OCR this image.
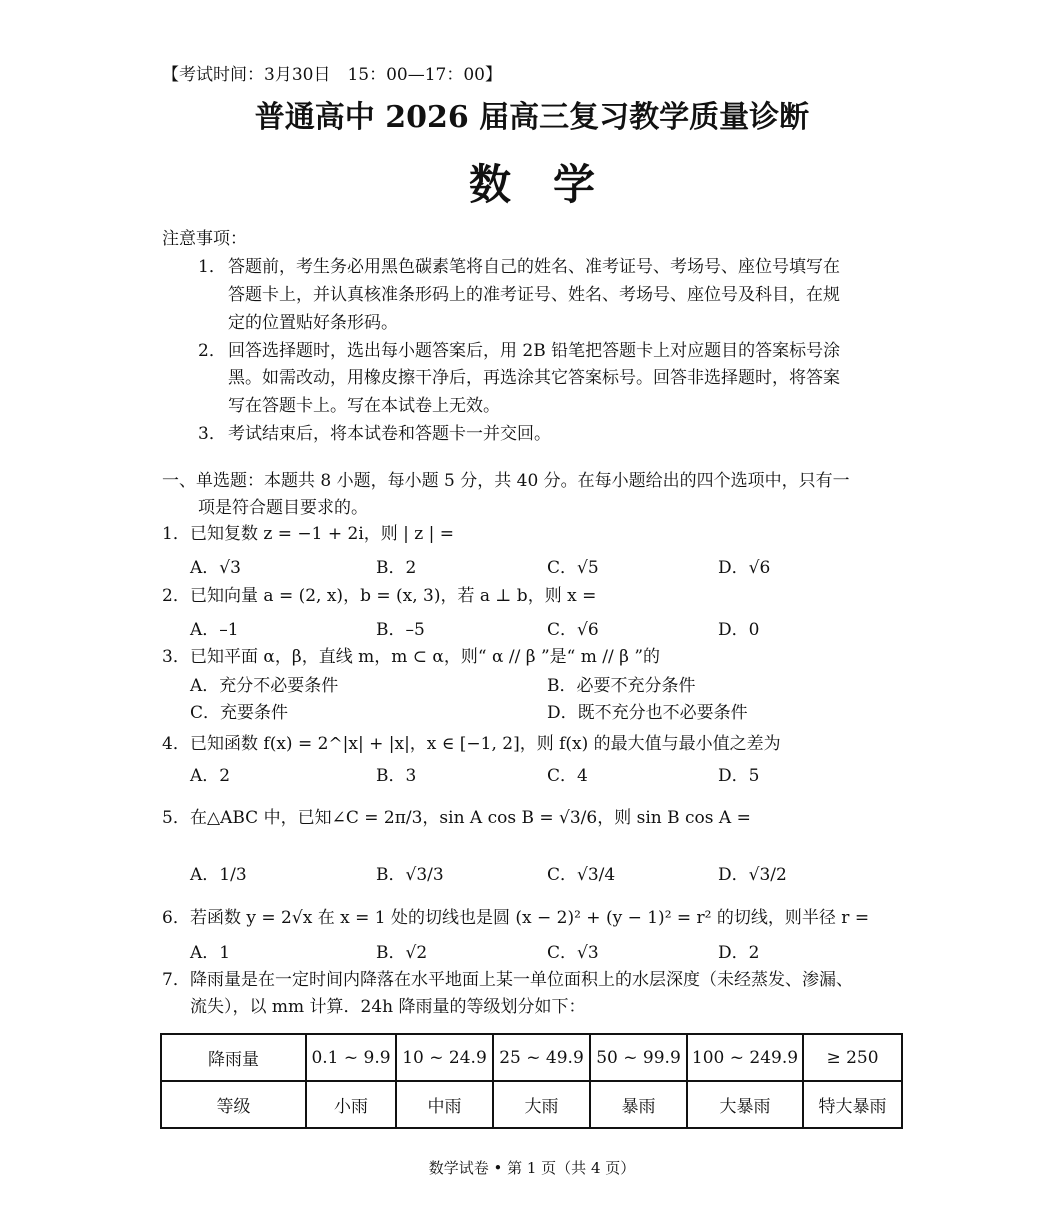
【考试时间：3月30日　15：00—17：00】
普通高中 2026 届高三复习教学质量诊断
数　学
注意事项：
1． 答题前，考生务必用黑色碳素笔将自己的姓名、准考证号、考场号、座位号填写在
答题卡上，并认真核准条形码上的准考证号、姓名、考场号、座位号及科目，在规
定的位置贴好条形码。
2． 回答选择题时，选出每小题答案后，用 2B 铅笔把答题卡上对应题目的答案标号涂
黑。如需改动，用橡皮擦干净后，再选涂其它答案标号。回答非选择题时，将答案
写在答题卡上。写在本试卷上无效。
3． 考试结束后，将本试卷和答题卡一并交回。
一、单选题：本题共 8 小题，每小题 5 分，共 40 分。在每小题给出的四个选项中，只有一
项是符合题目要求的。
1． 已知复数 z = −1 + 2i，则 | z | =
A．√3	B．2	C．√5	D．√6
2． 已知向量 a = (2, x)，b = (x, 3)，若 a ⊥ b，则 x =
A．–1	B．–5	C．√6	D．0
3． 已知平面 α，β，直线 m，m ⊂ α，则“ α // β ”是“ m // β ”的
A．充分不必要条件	B．必要不充分条件
C．充要条件	D．既不充分也不必要条件
4． 已知函数 f(x) = 2^|x| + |x|，x ∈ [−1, 2]，则 f(x) 的最大值与最小值之差为
A．2	B．3	C．4	D．5
5． 在△ABC 中，已知∠C = 2π/3，sin A cos B = √3/6，则 sin B cos A =
A．1/3	B．√3/3	C．√3/4	D．√3/2
6． 若函数 y = 2√x 在 x = 1 处的切线也是圆 (x − 2)² + (y − 1)² = r² 的切线，则半径 r =
A．1	B．√2	C．√3	D．2
7． 降雨量是在一定时间内降落在水平地面上某一单位面积上的水层深度（未经蒸发、渗漏、
流失），以 mm 计算．24h 降雨量的等级划分如下：
降雨量	0.1 ~ 9.9	10 ~ 24.9	25 ~ 49.9	50 ~ 99.9	100 ~ 249.9	≥ 250
等级	小雨	中雨	大雨	暴雨	大暴雨	特大暴雨
数学试卷 • 第 1 页（共 4 页）
